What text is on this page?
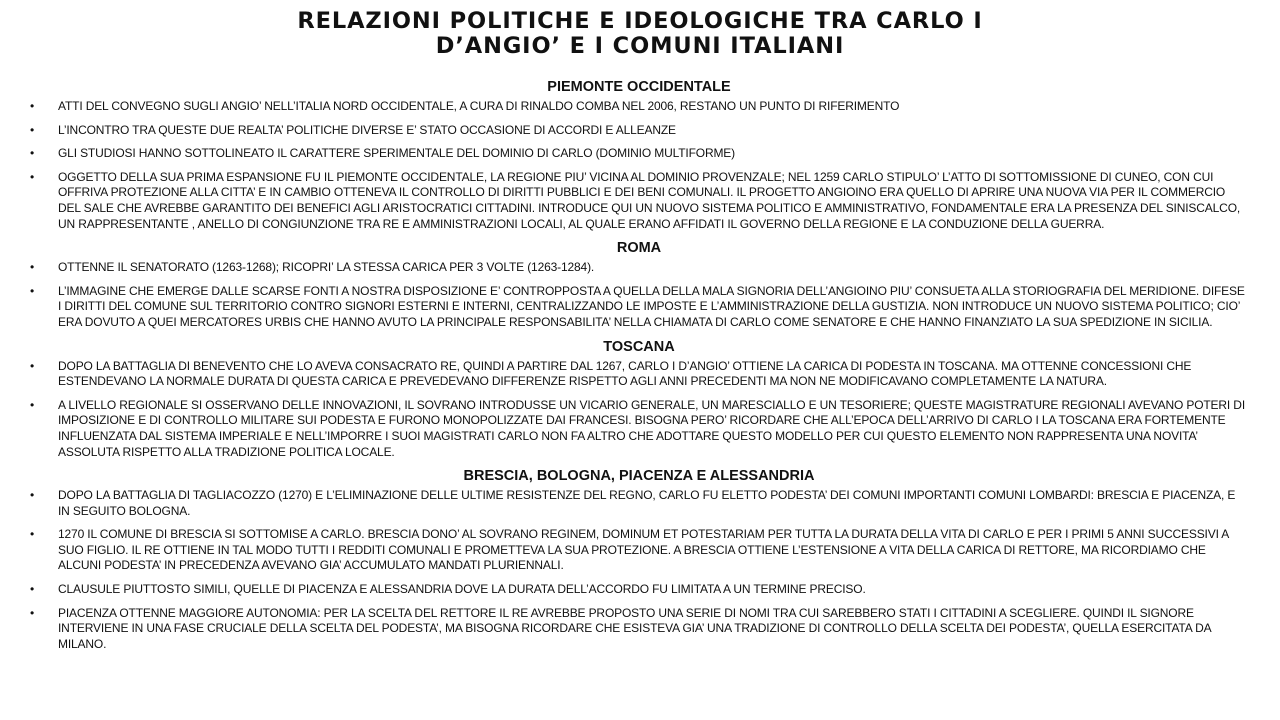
RELAZIONI POLITICHE E IDEOLOGICHE TRA CARLO I
D’ANGIO’ E I COMUNI ITALIANI
PIEMONTE OCCIDENTALE
• ATTI DEL CONVEGNO SUGLI ANGIO’ NELL’ITALIA NORD OCCIDENTALE, A CURA DI RINALDO COMBA NEL 2006, RESTANO UN PUNTO DI RIFERIMENTO
• L’INCONTRO TRA QUESTE DUE REALTA’ POLITICHE DIVERSE E’ STATO OCCASIONE DI ACCORDI E ALLEANZE
• GLI STUDIOSI HANNO SOTTOLINEATO IL CARATTERE SPERIMENTALE DEL DOMINIO DI CARLO (DOMINIO MULTIFORME)
• OGGETTO DELLA SUA PRIMA ESPANSIONE FU IL PIEMONTE OCCIDENTALE, LA REGIONE PIU’ VICINA AL DOMINIO PROVENZALE; NEL 1259 CARLO STIPULO’ L’ATTO DI SOTTOMISSIONE DI CUNEO, CON CUI OFFRIVA PROTEZIONE ALLA CITTA’ E IN CAMBIO OTTENEVA IL CONTROLLO DI DIRITTI PUBBLICI E DEI BENI COMUNALI. IL PROGETTO ANGIOINO ERA QUELLO DI APRIRE UNA NUOVA VIA PER IL COMMERCIO DEL SALE CHE AVREBBE GARANTITO DEI BENEFICI AGLI ARISTOCRATICI CITTADINI. INTRODUCE QUI UN NUOVO SISTEMA POLITICO E AMMINISTRATIVO, FONDAMENTALE ERA LA PRESENZA DEL SINISCALCO, UN RAPPRESENTANTE , ANELLO DI CONGIUNZIONE TRA RE E AMMINISTRAZIONI LOCALI, AL QUALE ERANO AFFIDATI IL GOVERNO DELLA REGIONE E LA CONDUZIONE DELLA GUERRA.
ROMA
• OTTENNE IL SENATORATO (1263-1268); RICOPRI’ LA STESSA CARICA PER 3 VOLTE (1263-1284).
• L’IMMAGINE CHE EMERGE DALLE SCARSE FONTI A NOSTRA DISPOSIZIONE E’ CONTROPPOSTA A QUELLA DELLA MALA SIGNORIA DELL’ANGIOINO PIU’ CONSUETA ALLA STORIOGRAFIA DEL MERIDIONE. DIFESE I DIRITTI DEL COMUNE SUL TERRITORIO CONTRO SIGNORI ESTERNI E INTERNI, CENTRALIZZANDO LE IMPOSTE E L’AMMINISTRAZIONE DELLA GUSTIZIA. NON INTRODUCE UN NUOVO SISTEMA POLITICO; CIO’ ERA DOVUTO A QUEI MERCATORES URBIS CHE HANNO AVUTO LA PRINCIPALE RESPONSABILITA’ NELLA CHIAMATA DI CARLO COME SENATORE E CHE HANNO FINANZIATO LA SUA SPEDIZIONE IN SICILIA.
TOSCANA
• DOPO LA BATTAGLIA DI BENEVENTO CHE LO AVEVA CONSACRATO RE, QUINDI A PARTIRE DAL 1267, CARLO I D’ANGIO’ OTTIENE LA CARICA DI PODESTA IN TOSCANA. MA OTTENNE CONCESSIONI CHE ESTENDEVANO LA NORMALE DURATA DI QUESTA CARICA E PREVEDEVANO DIFFERENZE RISPETTO AGLI ANNI PRECEDENTI MA NON NE MODIFICAVANO COMPLETAMENTE LA NATURA.
• A LIVELLO REGIONALE SI OSSERVANO DELLE INNOVAZIONI, IL SOVRANO INTRODUSSE UN VICARIO GENERALE, UN MARESCIALLO E UN TESORIERE; QUESTE MAGISTRATURE REGIONALI AVEVANO POTERI DI IMPOSIZIONE E DI CONTROLLO MILITARE SUI PODESTA E FURONO MONOPOLIZZATE DAI FRANCESI. BISOGNA PERO’ RICORDARE CHE ALL’EPOCA DELL’ARRIVO DI CARLO I LA TOSCANA ERA FORTEMENTE INFLUENZATA DAL SISTEMA IMPERIALE E NELL’IMPORRE I SUOI MAGISTRATI CARLO NON FA ALTRO CHE ADOTTARE QUESTO MODELLO PER CUI QUESTO ELEMENTO NON RAPPRESENTA UNA NOVITA’ ASSOLUTA RISPETTO ALLA TRADIZIONE POLITICA LOCALE.
BRESCIA, BOLOGNA, PIACENZA E ALESSANDRIA
• DOPO LA BATTAGLIA DI TAGLIACOZZO (1270) E L’ELIMINAZIONE DELLE ULTIME RESISTENZE DEL REGNO, CARLO FU ELETTO PODESTA’ DEI COMUNI IMPORTANTI COMUNI LOMBARDI: BRESCIA E PIACENZA, E IN SEGUITO BOLOGNA.
• 1270 IL COMUNE DI BRESCIA SI SOTTOMISE A CARLO. BRESCIA DONO’ AL SOVRANO REGINEM, DOMINUM ET POTESTARIAM PER TUTTA LA DURATA DELLA VITA DI CARLO E PER I PRIMI 5 ANNI SUCCESSIVI A SUO FIGLIO. IL RE OTTIENE IN TAL MODO TUTTI I REDDITI COMUNALI E PROMETTEVA LA SUA PROTEZIONE. A BRESCIA OTTIENE L’ESTENSIONE A VITA DELLA CARICA DI RETTORE, MA RICORDIAMO CHE ALCUNI PODESTA’ IN PRECEDENZA AVEVANO GIA’ ACCUMULATO MANDATI PLURIENNALI.
• CLAUSULE PIUTTOSTO SIMILI, QUELLE DI PIACENZA E ALESSANDRIA DOVE LA DURATA DELL’ACCORDO FU LIMITATA A UN TERMINE PRECISO.
• PIACENZA OTTENNE MAGGIORE AUTONOMIA: PER LA SCELTA DEL RETTORE IL RE AVREBBE PROPOSTO UNA SERIE DI NOMI TRA CUI SAREBBERO STATI I CITTADINI A SCEGLIERE. QUINDI IL SIGNORE INTERVIENE IN UNA FASE CRUCIALE DELLA SCELTA DEL PODESTA’, MA BISOGNA RICORDARE CHE ESISTEVA GIA’ UNA TRADIZIONE DI CONTROLLO DELLA SCELTA DEI PODESTA’, QUELLA ESERCITATA DA MILANO.
